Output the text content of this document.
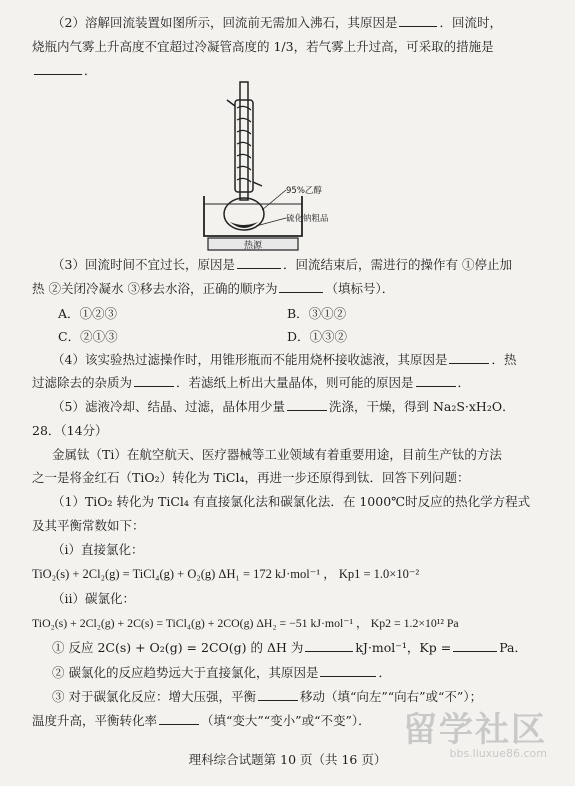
（2）溶解回流装置如图所示，回流前无需加入沸石，其原因是	．回流时，
烧瓶内气雾上升高度不宜超过冷凝管高度的 1/3，若气雾上升过高，可采取的措施是
．
热源
95%乙醇
硫化钠粗品
（3）回流时间不宜过长，原因是	．回流结束后，需进行的操作有 ①停止加
热 ②关闭冷凝水 ③移去水浴，正确的顺序为	（填标号）．
A．①②③	B．③①②
C．②①③	D．①③②
（4）该实验热过滤操作时，用锥形瓶而不能用烧杯接收滤液，其原因是	．热
过滤除去的杂质为	．若滤纸上析出大量晶体，则可能的原因是	．
（5）滤液冷却、结晶、过滤，晶体用少量	洗涤，干燥，得到 Na₂S·xH₂O．
28．（14分）
金属钛（Ti）在航空航天、医疗器械等工业领域有着重要用途，目前生产钛的方法
之一是将金红石（TiO₂）转化为 TiCl₄，再进一步还原得到钛．回答下列问题：
（1）TiO₂ 转化为 TiCl₄ 有直接氯化法和碳氯化法．在 1000℃时反应的热化学方程式
及其平衡常数如下：
（i）直接氯化：
TiO₂(s) + 2Cl₂(g) = TiCl₄(g) + O₂(g) ΔH₁ = 172 kJ·mol⁻¹ ， Kp1 = 1.0×10⁻²
（ii）碳氯化：
TiO₂(s) + 2Cl₂(g) + 2C(s) = TiCl₄(g) + 2CO(g) ΔH₂ = −51 kJ·mol⁻¹ ， Kp2 = 1.2×10¹² Pa
① 反应 2C(s) + O₂(g) = 2CO(g) 的 ΔH 为	kJ·mol⁻¹，Kp =	Pa．
② 碳氯化的反应趋势远大于直接氯化，其原因是	．
③ 对于碳氯化反应：增大压强，平衡	移动（填“向左”“向右”或“不”）；
温度升高，平衡转化率	（填“变大”“变小”或“不变”）．
理科综合试题第 10 页（共 16 页）
留学社区
bbs.liuxue86.com
